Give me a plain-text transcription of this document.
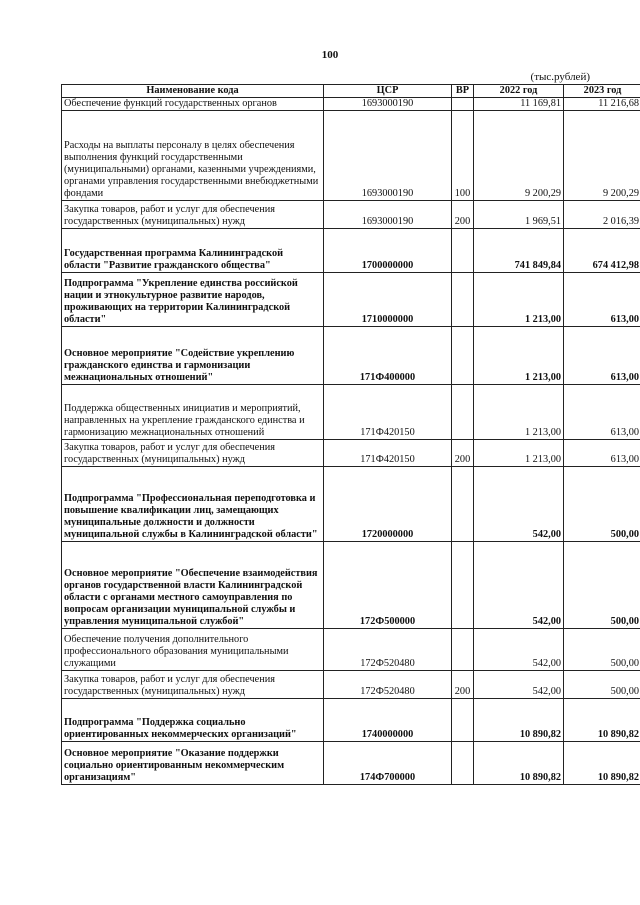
100
(тыс.рублей)
Наименование кода	ЦСР	ВР	2022 год	2023 год
Обеспечение функций государственных органов	1693000190		11 169,81	11 216,68
Расходы на выплаты персоналу в целях обеспечения выполнения функций государственными (муниципальными) органами, казенными учреждениями, органами управления государственными внебюджетными фондами	1693000190	100	9 200,29	9 200,29
Закупка товаров, работ и услуг для обеспечения государственных (муниципальных) нужд	1693000190	200	1 969,51	2 016,39
Государственная программа Калининградской области "Развитие гражданского общества"	1700000000		741 849,84	674 412,98
Подпрограмма "Укрепление единства российской нации и этнокультурное развитие народов, проживающих на территории Калининградской области"	1710000000		1 213,00	613,00
Основное мероприятие "Содействие укреплению гражданского единства и гармонизации межнациональных отношений"	171Ф400000		1 213,00	613,00
Поддержка общественных инициатив и мероприятий, направленных на укрепление гражданского единства и гармонизацию межнациональных отношений	171Ф420150		1 213,00	613,00
Закупка товаров, работ и услуг для обеспечения государственных (муниципальных) нужд	171Ф420150	200	1 213,00	613,00
Подпрограмма "Профессиональная переподготовка и повышение квалификации лиц, замещающих муниципальные должности и должности муниципальной службы в Калининградской области"	1720000000		542,00	500,00
Основное мероприятие "Обеспечение взаимодействия органов государственной власти Калининградской области с органами местного самоуправления по вопросам организации муниципальной службы и управления муниципальной службой"	172Ф500000		542,00	500,00
Обеспечение получения дополнительного профессионального образования муниципальными служащими	172Ф520480		542,00	500,00
Закупка товаров, работ и услуг для обеспечения государственных (муниципальных) нужд	172Ф520480	200	542,00	500,00
Подпрограмма "Поддержка социально ориентированных некоммерческих организаций"	1740000000		10 890,82	10 890,82
Основное мероприятие "Оказание поддержки социально ориентированным некоммерческим организациям"	174Ф700000		10 890,82	10 890,82
